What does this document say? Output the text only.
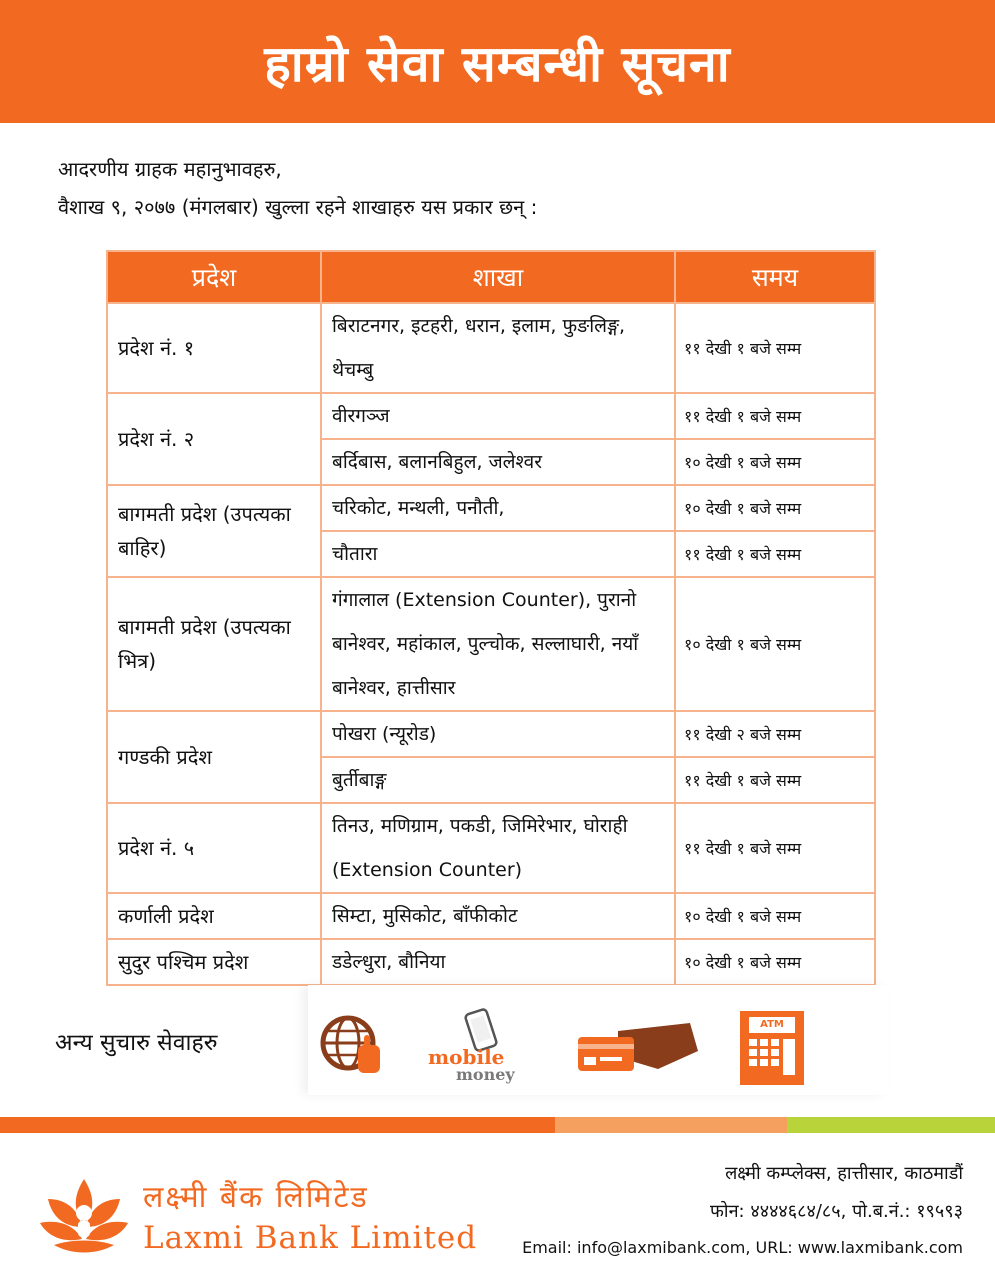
हाम्रो सेवा सम्बन्धी सूचना

आदरणीय ग्राहक महानुभावहरु,

वैशाख ९, २०७७ (मंगलबार) खुल्ला रहने शाखाहरु यस प्रकार छन् :

प्रदेश	शाखा	समय
प्रदेश नं. १	बिराटनगर, इटहरी, धरान, इलाम, फुङलिङ्ग, थेचम्बु	११ देखी १ बजे सम्म
प्रदेश नं. २	वीरगञ्ज	११ देखी १ बजे सम्म
	बर्दिबास, बलानबिहुल, जलेश्वर	१० देखी १ बजे सम्म
बागमती प्रदेश (उपत्यका बाहिर)	चरिकोट, मन्थली, पनौती,	१० देखी १ बजे सम्म
	चौतारा	११ देखी १ बजे सम्म
बागमती प्रदेश (उपत्यका भित्र)	गंगालाल (Extension Counter), पुरानो बानेश्वर, महांकाल, पुल्चोक, सल्लाघारी, नयाँ बानेश्वर, हात्तीसार	१० देखी १ बजे सम्म
गण्डकी प्रदेश	पोखरा (न्यूरोड)	११ देखी २ बजे सम्म
	बुर्तीबाङ्ग	११ देखी १ बजे सम्म
प्रदेश नं. ५	तिनउ, मणिग्राम, पकडी, जिमिरेभार, घोराही (Extension Counter)	११ देखी १ बजे सम्म
कर्णाली प्रदेश	सिम्टा, मुसिकोट, बाँफीकोट	१० देखी १ बजे सम्म
सुदुर पश्चिम प्रदेश	डडेल्धुरा, बौनिया	१० देखी १ बजे सम्म
अन्य सुचारु सेवाहरु
mobile
money
ATM
लक्ष्मी बैंक लिमिटेड
Laxmi Bank Limited
लक्ष्मी कम्प्लेक्स, हात्तीसार, काठमाडौं
फोन: ४४४४६८४/८५, पो.ब.नं.: १९५९३
Email: info@laxmibank.com, URL: www.laxmibank.com
